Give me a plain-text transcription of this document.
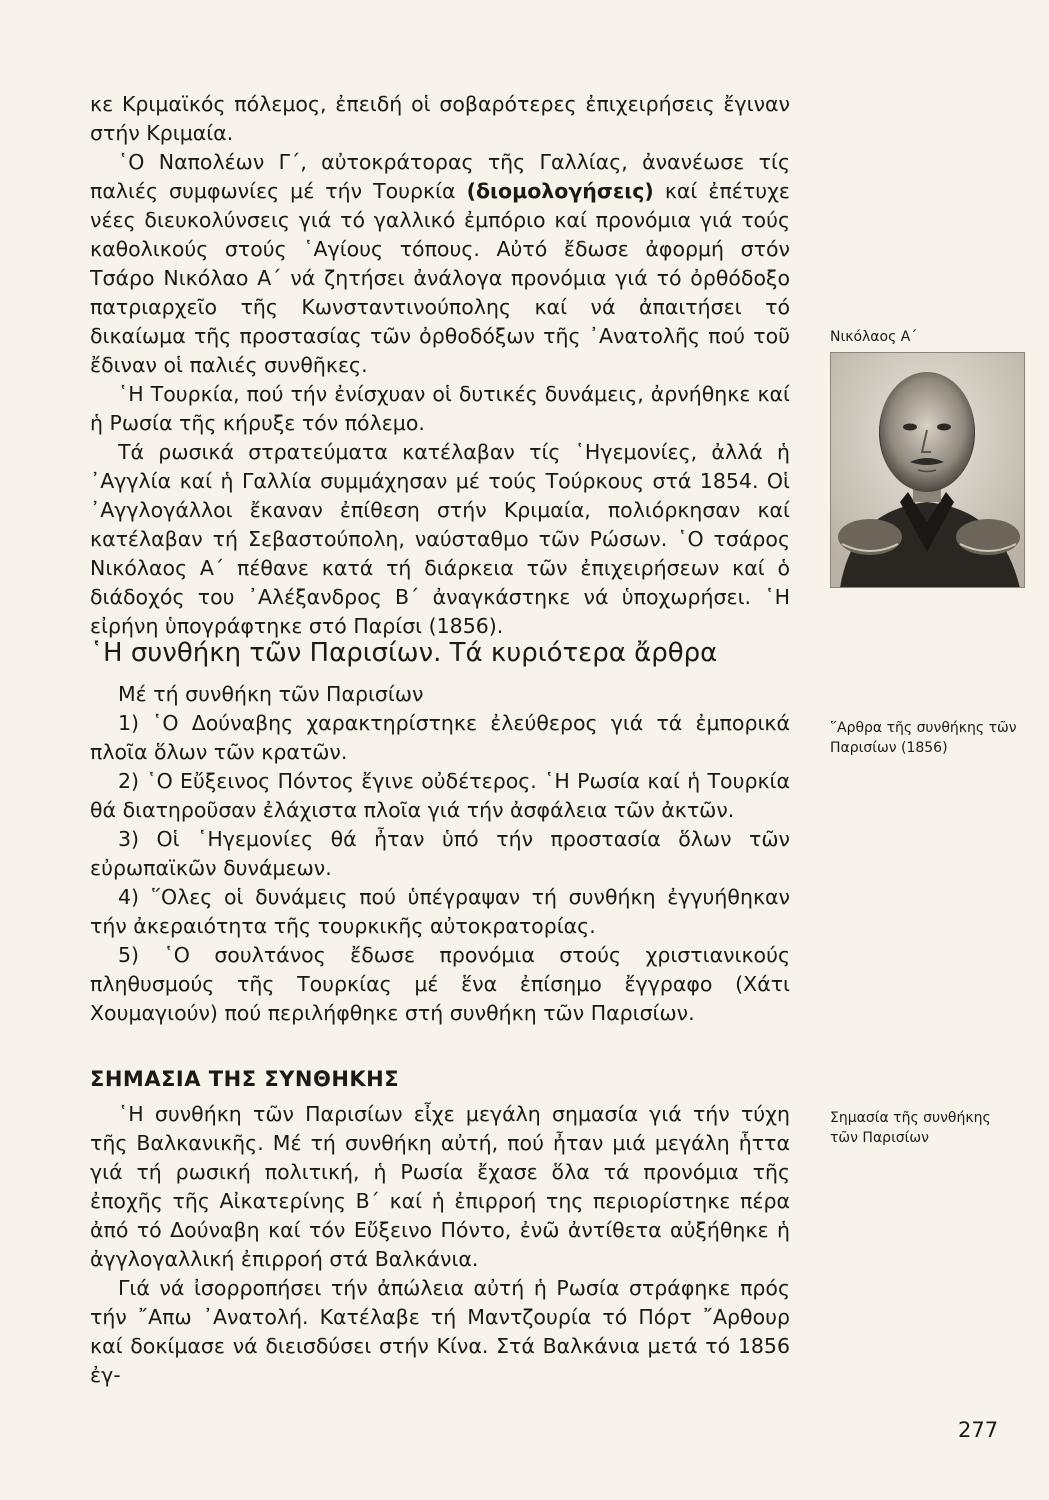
κε Κριμαϊκός πόλεμος, ἐπειδή οἱ σοβαρότερες ἐπιχειρήσεις ἔγιναν στήν Κριμαία.

῾Ο Ναπολέων Γ΄, αὐτοκράτορας τῆς Γαλλίας, ἀνανέωσε τίς παλιές συμφωνίες μέ τήν Τουρκία (διομολογήσεις) καί ἐπέτυχε νέες διευκολύνσεις γιά τό γαλλικό ἐμπόριο καί προνόμια γιά τούς καθολικούς στούς ῾Αγίους τόπους. Αὐτό ἔδωσε ἀφορμή στόν Τσάρο Νικόλαο Α΄ νά ζητήσει ἀνάλογα προνόμια γιά τό ὀρθόδοξο πατριαρχεῖο τῆς Κωνσταντινούπολης καί νά ἀπαιτήσει τό δικαίωμα τῆς προστασίας τῶν ὀρθοδόξων τῆς ᾿Ανατολῆς πού τοῦ ἔδιναν οἱ παλιές συνθῆκες.

῾Η Τουρκία, πού τήν ἐνίσχυαν οἱ δυτικές δυνάμεις, ἀρνήθηκε καί ἡ Ρωσία τῆς κήρυξε τόν πόλεμο.

Τά ρωσικά στρατεύματα κατέλαβαν τίς ῾Ηγεμονίες, ἀλλά ἡ ᾿Αγγλία καί ἡ Γαλλία συμμάχησαν μέ τούς Τούρκους στά 1854. Οἱ ᾿Αγγλογάλλοι ἔκαναν ἐπίθεση στήν Κριμαία, πολιόρκησαν καί κατέλαβαν τή Σεβαστούπολη, ναύσταθμο τῶν Ρώσων. ῾Ο τσάρος Νικόλαος Α΄ πέθανε κατά τή διάρκεια τῶν ἐπιχειρήσεων καί ὁ διάδοχός του ᾿Αλέξανδρος Β΄ ἀναγκάστηκε νά ὑποχωρήσει. ῾Η εἰρήνη ὑπογράφτηκε στό Παρίσι (1856).

῾Η συνθήκη τῶν Παρισίων. Τά κυριότερα ἄρθρα

Μέ τή συνθήκη τῶν Παρισίων

1) ῾Ο Δούναβης χαρακτηρίστηκε ἐλεύθερος γιά τά ἐμπορικά πλοῖα ὅλων τῶν κρατῶν.

2) ῾Ο Εὔξεινος Πόντος ἔγινε οὐδέτερος. ῾Η Ρωσία καί ἡ Τουρκία θά διατηροῦσαν ἐλάχιστα πλοῖα γιά τήν ἀσφάλεια τῶν ἀκτῶν.

3) Οἱ ῾Ηγεμονίες θά ἦταν ὑπό τήν προστασία ὅλων τῶν εὐρωπαϊκῶν δυνάμεων.

4) ῞Ολες οἱ δυνάμεις πού ὑπέγραψαν τή συνθήκη ἐγγυήθηκαν τήν ἀκεραιότητα τῆς τουρκικῆς αὐτοκρατορίας.

5) ῾Ο σουλτάνος ἔδωσε προνόμια στούς χριστιανικούς πληθυσμούς τῆς Τουρκίας μέ ἕνα ἐπίσημο ἔγγραφο (Χάτι Χουμαγιούν) πού περιλήφθηκε στή συνθήκη τῶν Παρισίων.

ΣΗΜΑΣΙΑ ΤΗΣ ΣΥΝΘΗΚΗΣ

῾Η συνθήκη τῶν Παρισίων εἶχε μεγάλη σημασία γιά τήν τύχη τῆς Βαλκανικῆς. Μέ τή συνθήκη αὐτή, πού ἦταν μιά μεγάλη ἧττα γιά τή ρωσική πολιτική, ἡ Ρωσία ἔχασε ὅλα τά προνόμια τῆς ἐποχῆς τῆς Αἰκατερίνης Β΄ καί ἡ ἐπιρροή της περιορίστηκε πέρα ἀπό τό Δούναβη καί τόν Εὔξεινο Πόντο, ἐνῶ ἀντίθετα αὐξήθηκε ἡ ἀγγλογαλλική ἐπιρροή στά Βαλκάνια.

Γιά νά ἰσορροπήσει τήν ἀπώλεια αὐτή ἡ Ρωσία στράφηκε πρός τήν ῎Απω ᾿Ανατολή. Κατέλαβε τή Μαντζουρία τό Πόρτ ῎Αρθουρ καί δοκίμασε νά διεισδύσει στήν Κίνα. Στά Βαλκάνια μετά τό 1856 ἐγ-

Νικόλαος Α΄
῞Αρθρα τῆς συνθήκης τῶν Παρισίων (1856)
Σημασία τῆς συνθήκης τῶν Παρισίων
277
